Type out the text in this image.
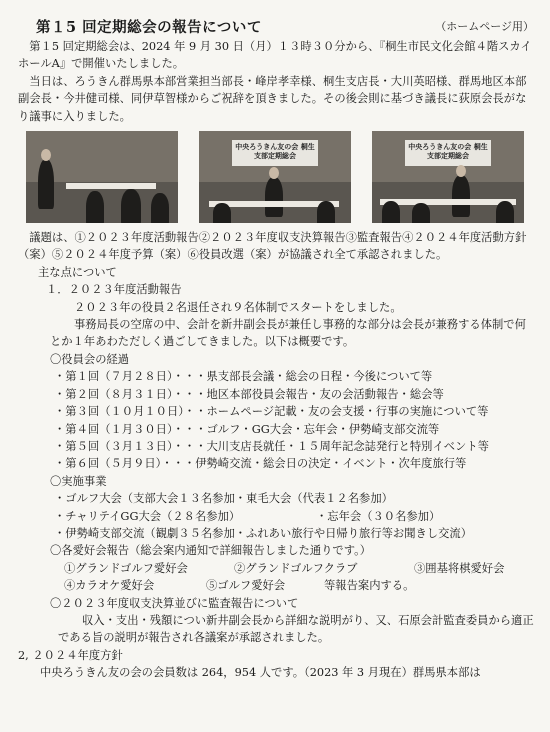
第１5 回定期総会の報告について	（ホームページ用）

第１5 回定期総会は、2024 年 9 月 30 日（月）１３時３０分から、『桐生市民文化会館４階スカイホールA』で開催いたしました。

当日は、ろうきん群馬県本部営業担当部長・峰岸孝幸様、桐生支店長・大川英昭様、群馬地区本部副会長・今井健司様、同伊草智様からご祝辞を頂きました。その後会則に基づき議長に荻原会長がなり議事に入りました。

中央ろうきん友の会 桐生支部定期総会
中央ろうきん友の会 桐生支部定期総会

議題は、①２０２３年度活動報告②２０２３年度収支決算報告③監査報告④２０２４年度活動方針（案）⑤２０２４年度予算（案）⑥役員改選（案）が協議され全て承認されました。

主な点について
１．２０２３年度活動報告
２０２３年の役員２名退任され９名体制でスタートをしました。

事務局長の空席の中、会計を新井副会長が兼任し事務的な部分は会長が兼務する体制で何とか１年あわただしく過ごしてきました。以下は概要です。

〇役員会の経過
・第１回（７月２８日）・・・県支部長会議・総会の日程・今後について等
・第２回（８月３１日）・・・地区本部役員会報告・友の会活動報告・総会等
・第３回（１０月１０日）・・ホームページ記載・友の会支援・行事の実施について等
・第４回（１月３０日）・・・ゴルフ・GG大会・忘年会・伊勢崎支部交流等
・第５回（３月１３日）・・・大川支店長就任・１５周年記念誌発行と特別イベント等
・第６回（５月９日）・・・伊勢崎交流・総会日の決定・イベント・次年度旅行等
〇実施事業
・ゴルフ大会（支部大会１３名参加・東毛大会（代表１２名参加）
・チャリテイGG大会（２８名参加）	・忘年会（３０名参加）
・伊勢崎支部交流（観劇３５名参加・ふれあい旅行や日帰り旅行等お聞きし交流）
〇各愛好会報告（総会案内通知で詳細報告しました通りです。）
①グランドゴルフ愛好会	②グランドゴルフクラブ	③囲基将棋愛好会
④カラオケ愛好会	⑤ゴルフ愛好会	等報告案内する。
〇２０２３年度収支決算並びに監査報告について

収入・支出・残額につい新井副会長から詳細な説明がり、又、石原会計監査委員から適正である旨の説明が報告され各議案が承認されました。

2, ２０２４年度方針
中央ろうきん友の会の会員数は 264，954 人です。（2023 年 3 月現在）群馬県本部は
